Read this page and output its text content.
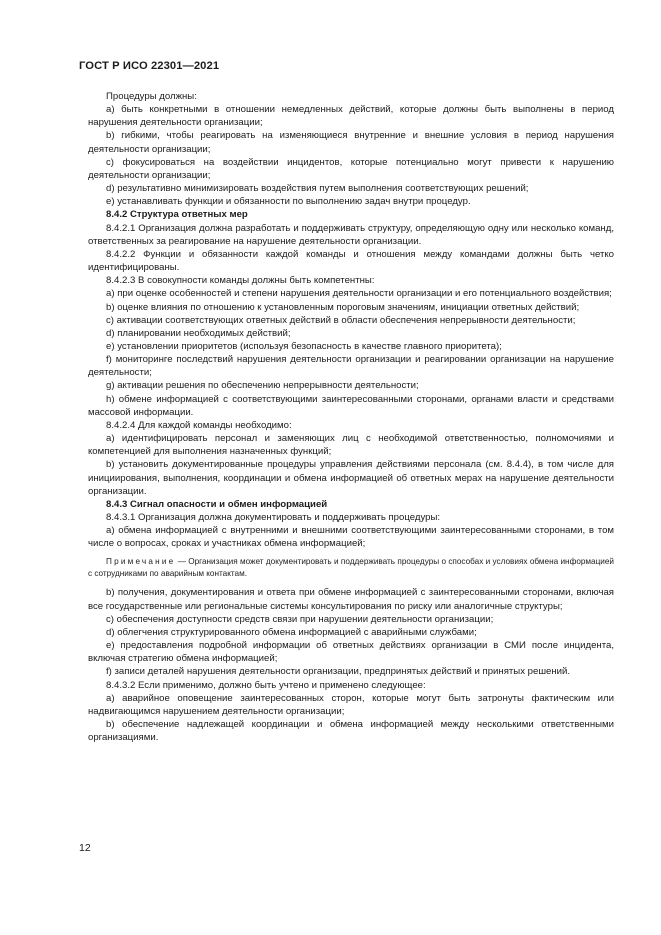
ГОСТ Р ИСО 22301—2021

Процедуры должны:

a) быть конкретными в отношении немедленных действий, которые должны быть выполнены в период нарушения деятельности организации;

b) гибкими, чтобы реагировать на изменяющиеся внутренние и внешние условия в период нарушения деятельности организации;

c) фокусироваться на воздействии инцидентов, которые потенциально могут привести к нарушению деятельности организации;

d) результативно минимизировать воздействия путем выполнения соответствующих решений;

e) устанавливать функции и обязанности по выполнению задач внутри процедур.

8.4.2 Структура ответных мер

8.4.2.1 Организация должна разработать и поддерживать структуру, определяющую одну или несколько команд, ответственных за реагирование на нарушение деятельности организации.

8.4.2.2 Функции и обязанности каждой команды и отношения между командами должны быть четко идентифицированы.

8.4.2.3 В совокупности команды должны быть компетентны:

a) при оценке особенностей и степени нарушения деятельности организации и его потенциального воздействия;

b) оценке влияния по отношению к установленным пороговым значениям, инициации ответных действий;

c) активации соответствующих ответных действий в области обеспечения непрерывности деятельности;

d) планировании необходимых действий;

e) установлении приоритетов (используя безопасность в качестве главного приоритета);

f) мониторинге последствий нарушения деятельности организации и реагировании организации на нарушение деятельности;

g) активации решения по обеспечению непрерывности деятельности;

h) обмене информацией с соответствующими заинтересованными сторонами, органами власти и средствами массовой информации.

8.4.2.4 Для каждой команды необходимо:

a) идентифицировать персонал и заменяющих лиц с необходимой ответственностью, полномочиями и компетенцией для выполнения назначенных функций;

b) установить документированные процедуры управления действиями персонала (см. 8.4.4), в том числе для инициирования, выполнения, координации и обмена информацией об ответных мерах на нарушение деятельности организации.

8.4.3 Сигнал опасности и обмен информацией

8.4.3.1 Организация должна документировать и поддерживать процедуры:

a) обмена информацией с внутренними и внешними соответствующими заинтересованными сторонами, в том числе о вопросах, сроках и участниках обмена информацией;

Примечание — Организация может документировать и поддерживать процедуры о способах и условиях обмена информацией с сотрудниками по аварийным контактам.

b) получения, документирования и ответа при обмене информацией с заинтересованными сторонами, включая все государственные или региональные системы консультирования по риску или аналогичные структуры;

c) обеспечения доступности средств связи при нарушении деятельности организации;

d) облегчения структурированного обмена информацией с аварийными службами;

e) предоставления подробной информации об ответных действиях организации в СМИ после инцидента, включая стратегию обмена информацией;

f) записи деталей нарушения деятельности организации, предпринятых действий и принятых решений.

8.4.3.2 Если применимо, должно быть учтено и применено следующее:

a) аварийное оповещение заинтересованных сторон, которые могут быть затронуты фактическим или надвигающимся нарушением деятельности организации;

b) обеспечение надлежащей координации и обмена информацией между несколькими ответственными организациями.

12
